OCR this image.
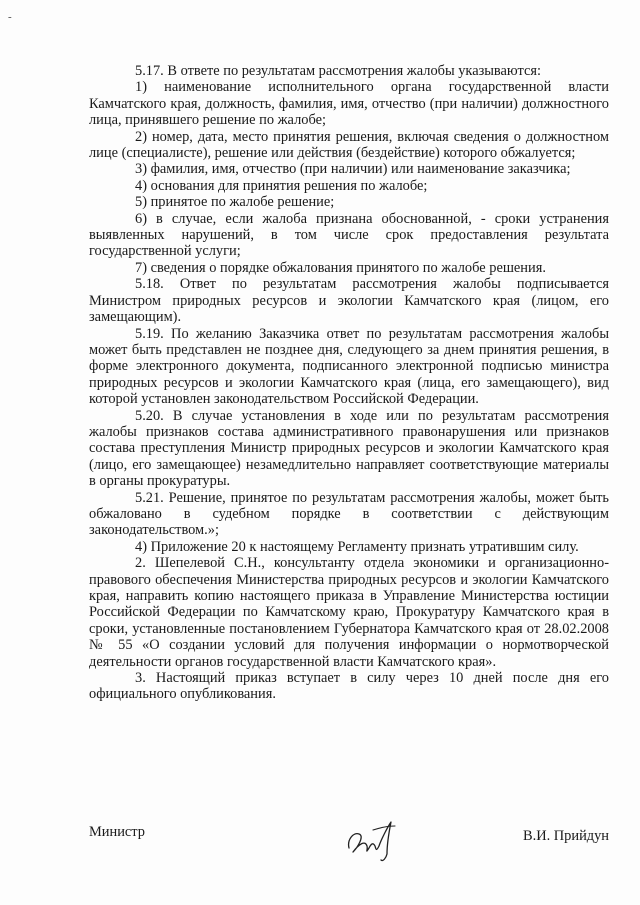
-

5.17. В ответе по результатам рассмотрения жалобы указываются:

1) наименование исполнительного органа государственной власти Камчатского края, должность, фамилия, имя, отчество (при наличии) должностного лица, принявшего решение по жалобе;

2) номер, дата, место принятия решения, включая сведения о должностном лице (специалисте), решение или действия (бездействие) которого обжалуется;

3) фамилия, имя, отчество (при наличии) или наименование заказчика;

4) основания для принятия решения по жалобе;

5) принятое по жалобе решение;

6) в случае, если жалоба признана обоснованной, - сроки устранения выявленных нарушений, в том числе срок предоставления результата государственной услуги;

7) сведения о порядке обжалования принятого по жалобе решения.

5.18. Ответ по результатам рассмотрения жалобы подписывается Министром природных ресурсов и экологии Камчатского края (лицом, его замещающим).

5.19. По желанию Заказчика ответ по результатам рассмотрения жалобы может быть представлен не позднее дня, следующего за днем принятия решения, в форме электронного документа, подписанного электронной подписью министра природных ресурсов и экологии Камчатского края (лица, его замещающего), вид которой установлен законодательством Российской Федерации.

5.20. В случае установления в ходе или по результатам рассмотрения жалобы признаков состава административного правонарушения или признаков состава преступления Министр природных ресурсов и экологии Камчатского края (лицо, его замещающее) незамедлительно направляет соответствующие материалы в органы прокуратуры.

5.21. Решение, принятое по результатам рассмотрения жалобы, может быть обжаловано в судебном порядке в соответствии с действующим законодательством.»;

4) Приложение 20 к настоящему Регламенту признать утратившим силу.

2. Шепелевой С.Н., консультанту отдела экономики и организационно-правового обеспечения Министерства природных ресурсов и экологии Камчатского края, направить копию настоящего приказа в Управление Министерства юстиции Российской Федерации по Камчатскому краю, Прокуратуру Камчатского края в сроки, установленные постановлением Губернатора Камчатского края от 28.02.2008 № 55 «О создании условий для получения информации о нормотворческой деятельности органов государственной власти Камчатского края».

3. Настоящий приказ вступает в силу через 10 дней после дня его официального опубликования.

Министр	В.И. Прийдун
